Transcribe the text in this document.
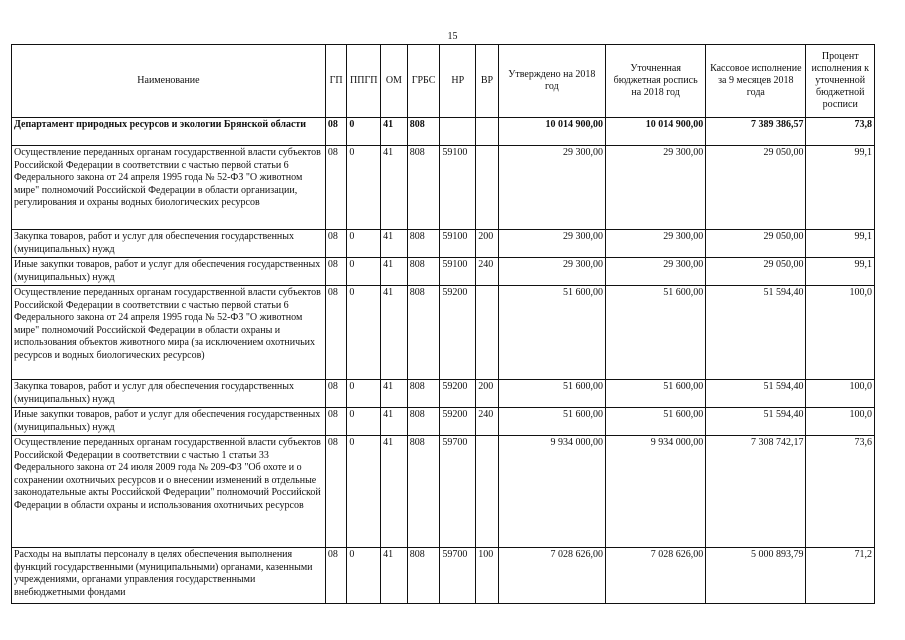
15
Наименование	ГП	ППГП	ОМ	ГРБС	НР	ВР	Утверждено на 2018 год	Уточненная бюджетная роспись на 2018 год	Кассовое исполнение за 9 месяцев 2018 года	Процент исполнения к уточненной бюджетной росписи
Департамент природных ресурсов и экологии Брянской области	08	0	41	808			10 014 900,00	10 014 900,00	7 389 386,57	73,8
Осуществление переданных органам государственной власти субъектов Российской Федерации в соответствии с частью первой статьи 6 Федерального закона от 24 апреля 1995 года № 52-ФЗ "О животном мире" полномочий Российской Федерации в области организации, регулирования и охраны водных биологических ресурсов	08	0	41	808	59100		29 300,00	29 300,00	29 050,00	99,1
Закупка товаров, работ и услуг для обеспечения государственных (муниципальных) нужд	08	0	41	808	59100	200	29 300,00	29 300,00	29 050,00	99,1
Иные закупки товаров, работ и услуг для обеспечения государственных (муниципальных) нужд	08	0	41	808	59100	240	29 300,00	29 300,00	29 050,00	99,1
Осуществление переданных органам государственной власти субъектов Российской Федерации в соответствии с частью первой статьи 6 Федерального закона от 24 апреля 1995 года № 52-ФЗ "О животном мире" полномочий Российской Федерации в области охраны и использования объектов животного мира (за исключением охотничьих ресурсов и водных биологических ресурсов)	08	0	41	808	59200		51 600,00	51 600,00	51 594,40	100,0
Закупка товаров, работ и услуг для обеспечения государственных (муниципальных) нужд	08	0	41	808	59200	200	51 600,00	51 600,00	51 594,40	100,0
Иные закупки товаров, работ и услуг для обеспечения государственных (муниципальных) нужд	08	0	41	808	59200	240	51 600,00	51 600,00	51 594,40	100,0
Осуществление переданных органам государственной власти субъектов Российской Федерации в соответствии с частью 1 статьи 33 Федерального закона от 24 июля 2009 года № 209-ФЗ "Об охоте и о сохранении охотничьих ресурсов и о внесении изменений в отдельные законодательные акты Российской Федерации" полномочий Российской Федерации в области охраны и использования охотничьих ресурсов	08	0	41	808	59700		9 934 000,00	9 934 000,00	7 308 742,17	73,6
Расходы на выплаты персоналу в целях обеспечения выполнения функций государственными (муниципальными) органами, казенными учреждениями, органами управления государственными внебюджетными фондами	08	0	41	808	59700	100	7 028 626,00	7 028 626,00	5 000 893,79	71,2
